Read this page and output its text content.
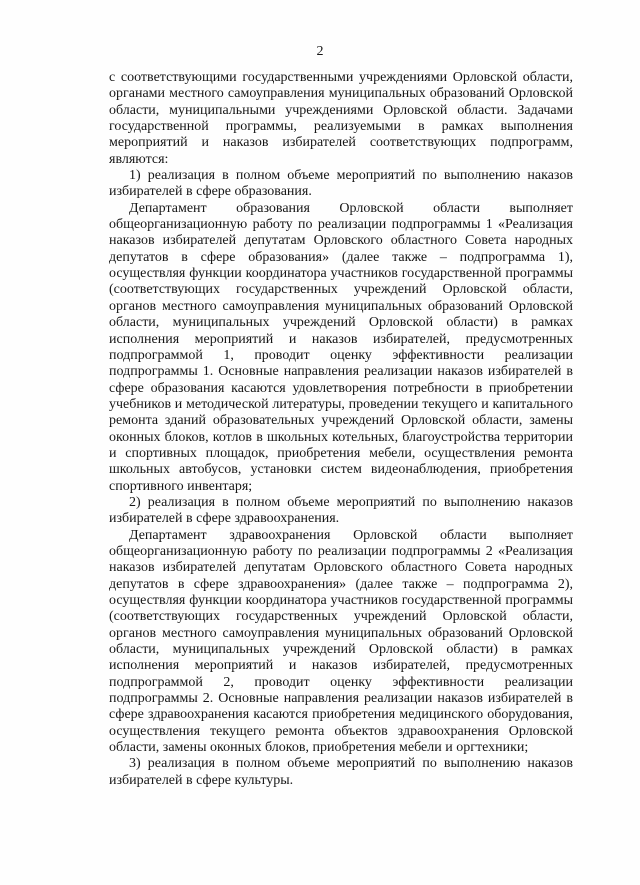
2

с соответствующими государственными учреждениями Орловской области, органами местного самоуправления муниципальных образований Орловской области, муниципальными учреждениями Орловской области. Задачами государственной программы, реализуемыми в рамках выполнения мероприятий и наказов избирателей соответствующих подпрограмм, являются:

1) реализация в полном объеме мероприятий по выполнению наказов избирателей в сфере образования.

Департамент образования Орловской области выполняет общеорганизационную работу по реализации подпрограммы 1 «Реализация наказов избирателей депутатам Орловского областного Совета народных депутатов в сфере образования» (далее также – подпрограмма 1), осуществляя функции координатора участников государственной программы (соответствующих государственных учреждений Орловской области, органов местного самоуправления муниципальных образований Орловской области, муниципальных учреждений Орловской области) в рамках исполнения мероприятий и наказов избирателей, предусмотренных подпрограммой 1, проводит оценку эффективности реализации подпрограммы 1. Основные направления реализации наказов избирателей в сфере образования касаются удовлетворения потребности в приобретении учебников и методической литературы, проведении текущего и капитального ремонта зданий образовательных учреждений Орловской области, замены оконных блоков, котлов в школьных котельных, благоустройства территории и спортивных площадок, приобретения мебели, осуществления ремонта школьных автобусов, установки систем видеонаблюдения, приобретения спортивного инвентаря;

2) реализация в полном объеме мероприятий по выполнению наказов избирателей в сфере здравоохранения.

Департамент здравоохранения Орловской области выполняет общеорганизационную работу по реализации подпрограммы 2 «Реализация наказов избирателей депутатам Орловского областного Совета народных депутатов в сфере здравоохранения» (далее также – подпрограмма 2), осуществляя функции координатора участников государственной программы (соответствующих государственных учреждений Орловской области, органов местного самоуправления муниципальных образований Орловской области, муниципальных учреждений Орловской области) в рамках исполнения мероприятий и наказов избирателей, предусмотренных подпрограммой 2, проводит оценку эффективности реализации подпрограммы 2. Основные направления реализации наказов избирателей в сфере здравоохранения касаются приобретения медицинского оборудования, осуществления текущего ремонта объектов здравоохранения Орловской области, замены оконных блоков, приобретения мебели и оргтехники;

3) реализация в полном объеме мероприятий по выполнению наказов избирателей в сфере культуры.
